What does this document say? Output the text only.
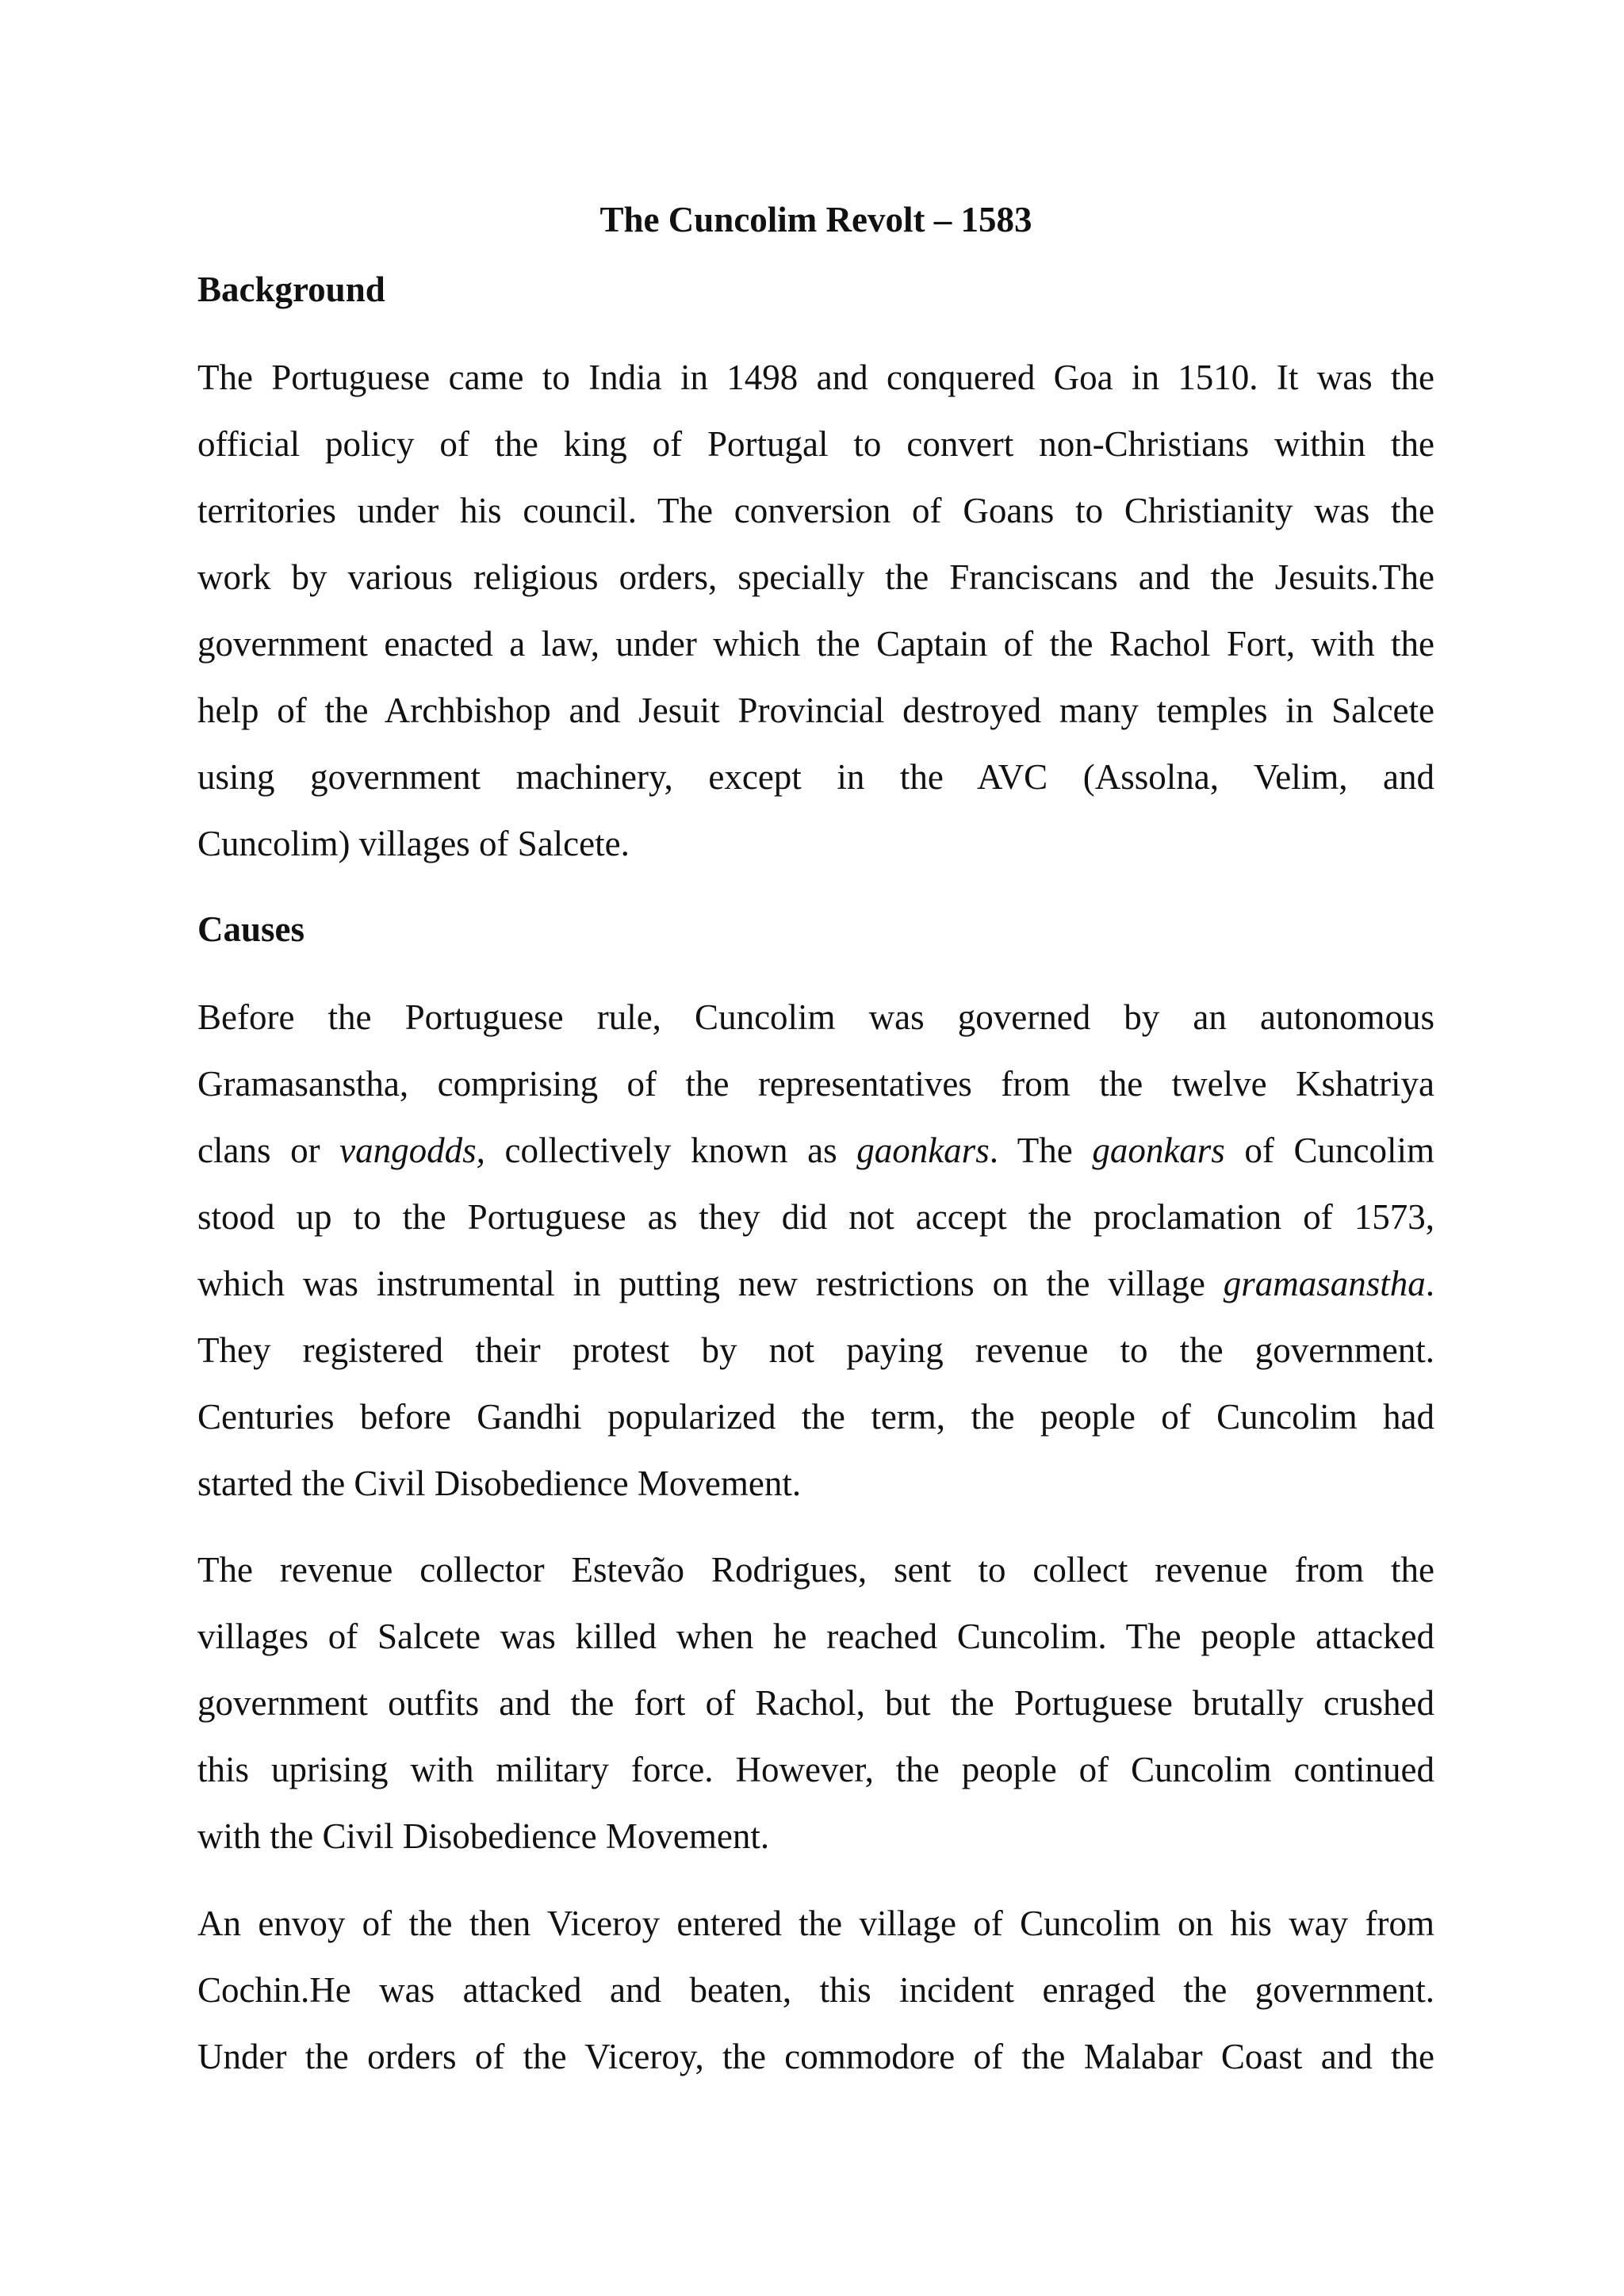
The Cuncolim Revolt – 1583
Background
The Portuguese came to India in 1498 and conquered Goa in 1510. It was the
official policy of the king of Portugal to convert non-Christians within the
territories under his council. The conversion of Goans to Christianity was the
work by various religious orders, specially the Franciscans and the Jesuits.The
government enacted a law, under which the Captain of the Rachol Fort, with the
help of the Archbishop and Jesuit Provincial destroyed many temples in Salcete
using government machinery, except in the AVC (Assolna, Velim, and
Cuncolim) villages of Salcete.
Causes
Before the Portuguese rule, Cuncolim was governed by an autonomous
Gramasanstha, comprising of the representatives from the twelve Kshatriya
clans or vangodds, collectively known as gaonkars. The gaonkars of Cuncolim
stood up to the Portuguese as they did not accept the proclamation of 1573,
which was instrumental in putting new restrictions on the village gramasanstha.
They registered their protest by not paying revenue to the government.
Centuries before Gandhi popularized the term, the people of Cuncolim had
started the Civil Disobedience Movement.
The revenue collector Estevão Rodrigues, sent to collect revenue from the
villages of Salcete was killed when he reached Cuncolim. The people attacked
government outfits and the fort of Rachol, but the Portuguese brutally crushed
this uprising with military force. However, the people of Cuncolim continued
with the Civil Disobedience Movement.
An envoy of the then Viceroy entered the village of Cuncolim on his way from
Cochin.He was attacked and beaten, this incident enraged the government.
Under the orders of the Viceroy, the commodore of the Malabar Coast and the
